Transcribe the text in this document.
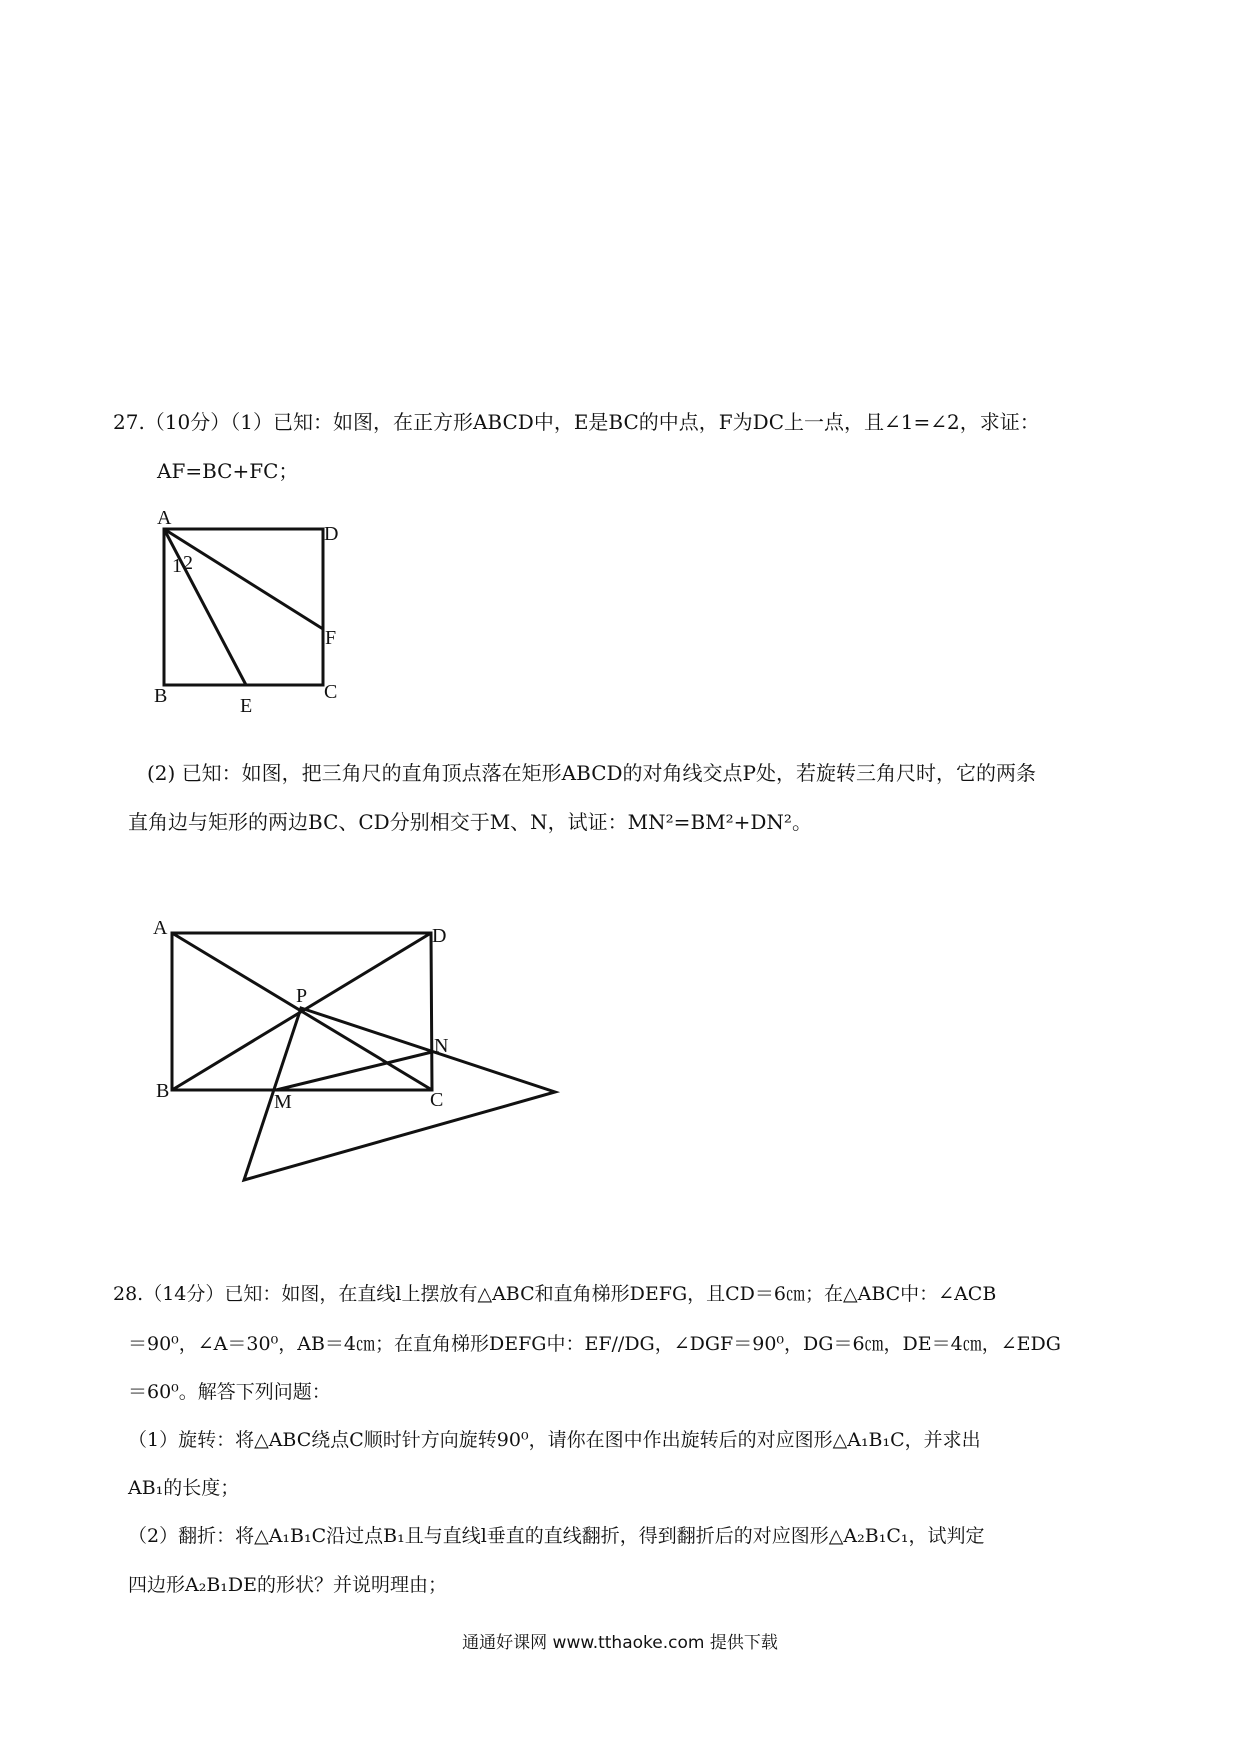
27.（10分）（1）已知：如图，在正方形ABCD中，E是BC的中点，F为DC上一点，且∠1=∠2，求证：
AF=BC+FC；
A
D
B	C
E
F
1 2
A	D
B	C
P
M
N
(2) 已知：如图，把三角尺的直角顶点落在矩形ABCD的对角线交点P处，若旋转三角尺时，它的两条
直角边与矩形的两边BC、CD分别相交于M、N，试证：MN²=BM²+DN²。
28.（14分）已知：如图，在直线l上摆放有△ABC和直角梯形DEFG，且CD＝6㎝；在△ABC中：∠ACB
＝90⁰，∠A＝30⁰，AB＝4㎝；在直角梯形DEFG中：EF//DG，∠DGF＝90⁰，DG＝6㎝，DE＝4㎝，∠EDG
＝60⁰。解答下列问题：
（1）旋转：将△ABC绕点C顺时针方向旋转90⁰，请你在图中作出旋转后的对应图形△A₁B₁C，并求出
AB₁的长度；
（2）翻折：将△A₁B₁C沿过点B₁且与直线l垂直的直线翻折，得到翻折后的对应图形△A₂B₁C₁，试判定
四边形A₂B₁DE的形状？并说明理由；
通通好课网 www.tthaoke.com 提供下载
